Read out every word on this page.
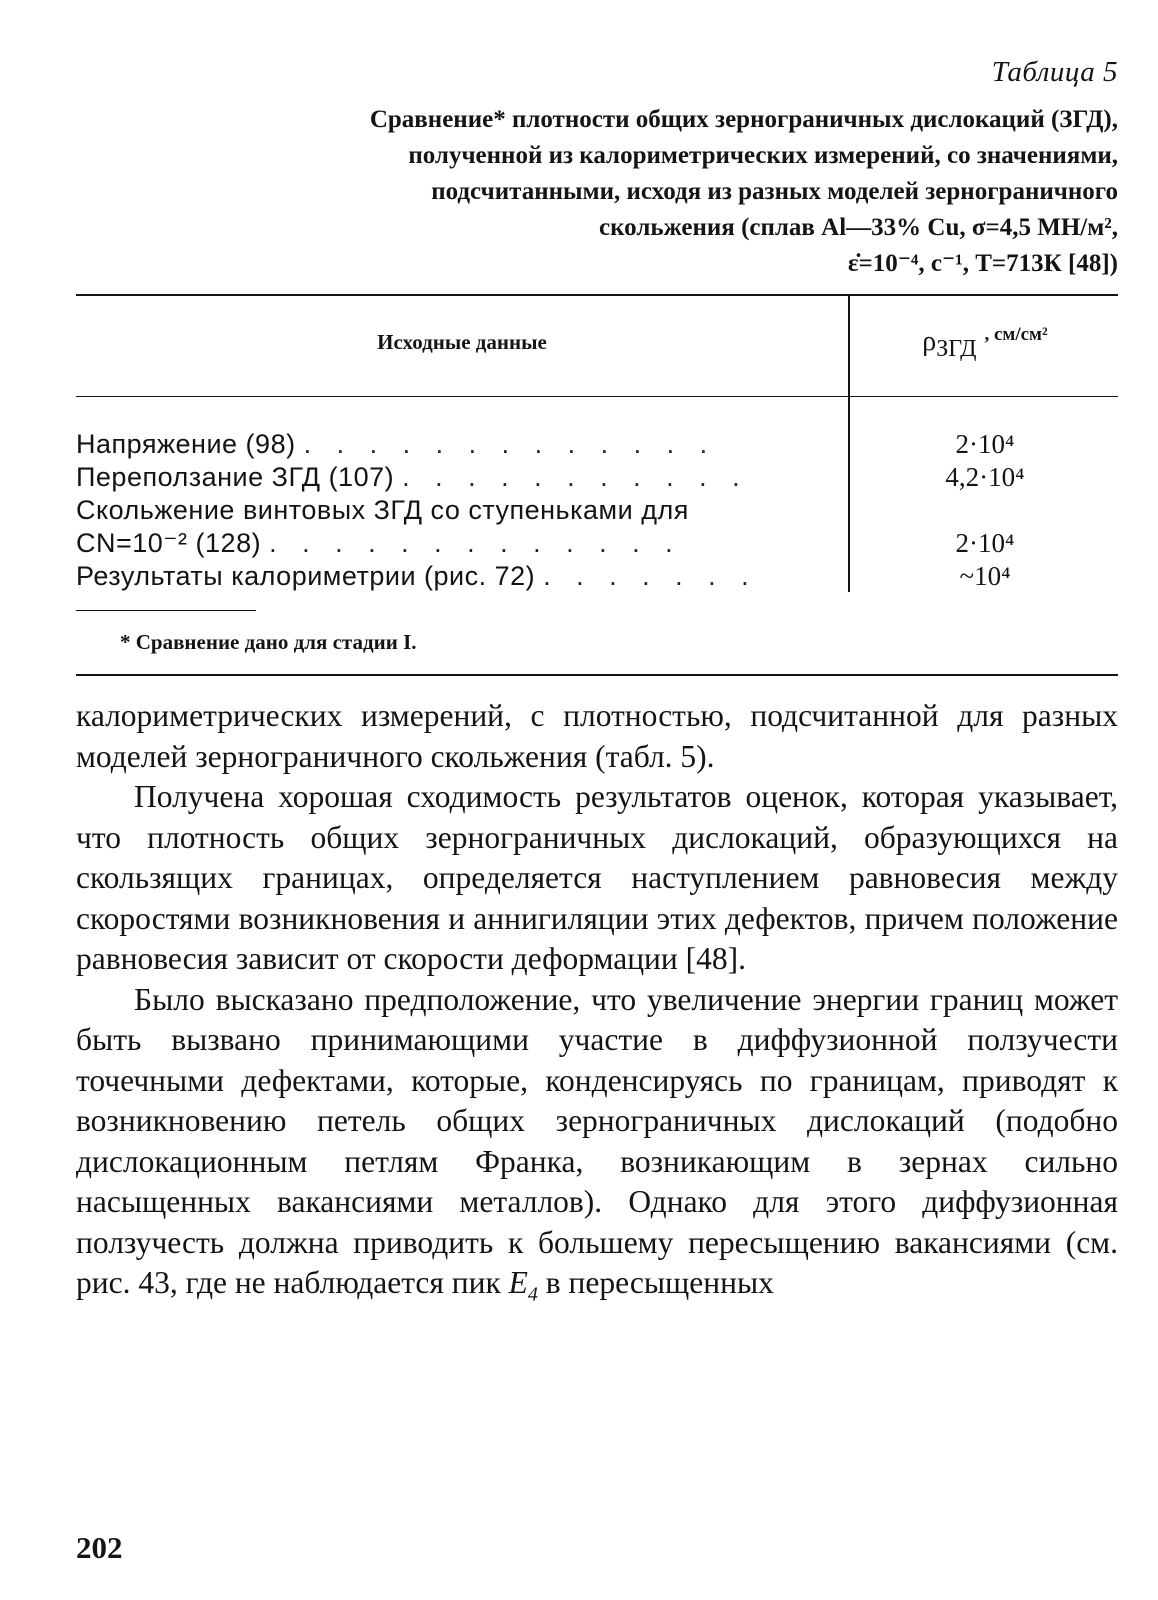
Таблица 5
Сравнение* плотности общих зернограничных дислокаций (ЗГД),
полученной из калориметрических измерений, со значениями,
подсчитанными, исходя из разных моделей зернограничного
скольжения (сплав Al—33% Cu, σ=4,5 МН/м²,
ε̇=10⁻⁴, с⁻¹, T=713К [48])
Исходные данные	$\rho_{ЗГД}$, см/см²
Напряжение (98) . . . . . . . . . . . . .	2·10⁴
Переползание ЗГД (107) . . . . . . . . . . .	4,2·10⁴
Скольжение винтовых ЗГД со ступеньками для
CN=10⁻² (128) . . . . . . . . . . . . .	2·10⁴
Результаты калориметрии (рис. 72) . . . . . . .	~10⁴
* Сравнение дано для стадии I.

калориметрических измерений, с плотностью, подсчитанной для разных моделей зернограничного скольжения (табл. 5).

Получена хорошая сходимость результатов оценок, которая указывает, что плотность общих зернограничных дислокаций, образующихся на скользящих границах, определяется наступлением равновесия между скоростями возникновения и аннигиляции этих дефектов, причем положение равновесия зависит от скорости деформации [48].

Было высказано предположение, что увеличение энергии границ может быть вызвано принимающими участие в диффузионной ползучести точечными дефектами, которые, конденсируясь по границам, приводят к возникновению петель общих зернограничных дислокаций (подобно дислокационным петлям Франка, возникающим в зернах сильно насыщенных вакансиями металлов). Однако для этого диффузионная ползучесть должна приводить к большему пересыщению вакансиями (см. рис. 43, где не наблюдается пик $E_4$ в пересыщенных

202
